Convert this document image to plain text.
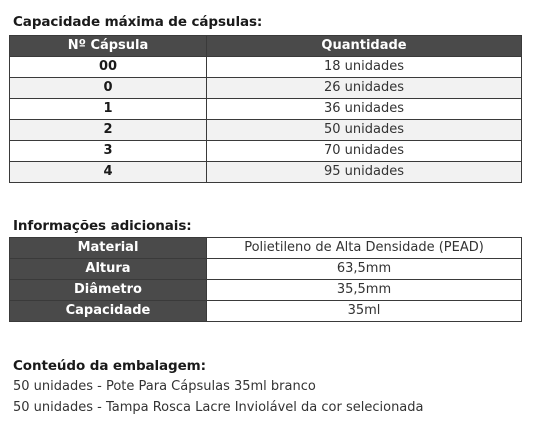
Capacidade máxima de cápsulas:
Nº Cápsula	Quantidade
00	18 unidades
0	26 unidades
1	36 unidades
2	50 unidades
3	70 unidades
4	95 unidades
Informações adicionais:
Material	Polietileno de Alta Densidade (PEAD)
Altura	63,5mm
Diâmetro	35,5mm
Capacidade	35ml
Conteúdo da embalagem:
50 unidades - Pote Para Cápsulas 35ml branco
50 unidades - Tampa Rosca Lacre Inviolável da cor selecionada
